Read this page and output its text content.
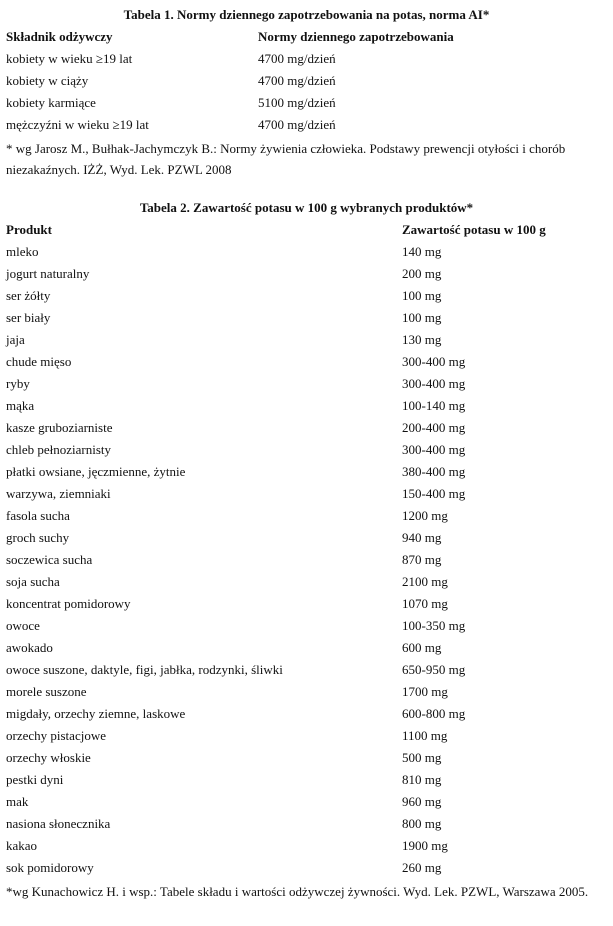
Tabela 1. Normy dziennego zapotrzebowania na potas, norma AI*
Składnik odżywczy	Normy dziennego zapotrzebowania
kobiety w wieku ≥19 lat	4700 mg/dzień
kobiety w ciąży	4700 mg/dzień
kobiety karmiące	5100 mg/dzień
mężczyźni w wieku ≥19 lat	4700 mg/dzień
* wg Jarosz M., Bułhak-Jachymczyk B.: Normy żywienia człowieka. Podstawy prewencji otyłości i chorób niezakaźnych. IŻŻ, Wyd. Lek. PZWL 2008
Tabela 2. Zawartość potasu w 100 g wybranych produktów*
Produkt	Zawartość potasu w 100 g
mleko	140 mg
jogurt naturalny	200 mg
ser żółty	100 mg
ser biały	100 mg
jaja	130 mg
chude mięso	300-400 mg
ryby	300-400 mg
mąka	100-140 mg
kasze gruboziarniste	200-400 mg
chleb pełnoziarnisty	300-400 mg
płatki owsiane, jęczmienne, żytnie	380-400 mg
warzywa, ziemniaki	150-400 mg
fasola sucha	1200 mg
groch suchy	940 mg
soczewica sucha	870 mg
soja sucha	2100 mg
koncentrat pomidorowy	1070 mg
owoce	100-350 mg
awokado	600 mg
owoce suszone, daktyle, figi, jabłka, rodzynki, śliwki	650-950 mg
morele suszone	1700 mg
migdały, orzechy ziemne, laskowe	600-800 mg
orzechy pistacjowe	1100 mg
orzechy włoskie	500 mg
pestki dyni	810 mg
mak	960 mg
nasiona słonecznika	800 mg
kakao	1900 mg
sok pomidorowy	260 mg
*wg Kunachowicz H. i wsp.: Tabele składu i wartości odżywczej żywności. Wyd. Lek. PZWL, Warszawa 2005.
